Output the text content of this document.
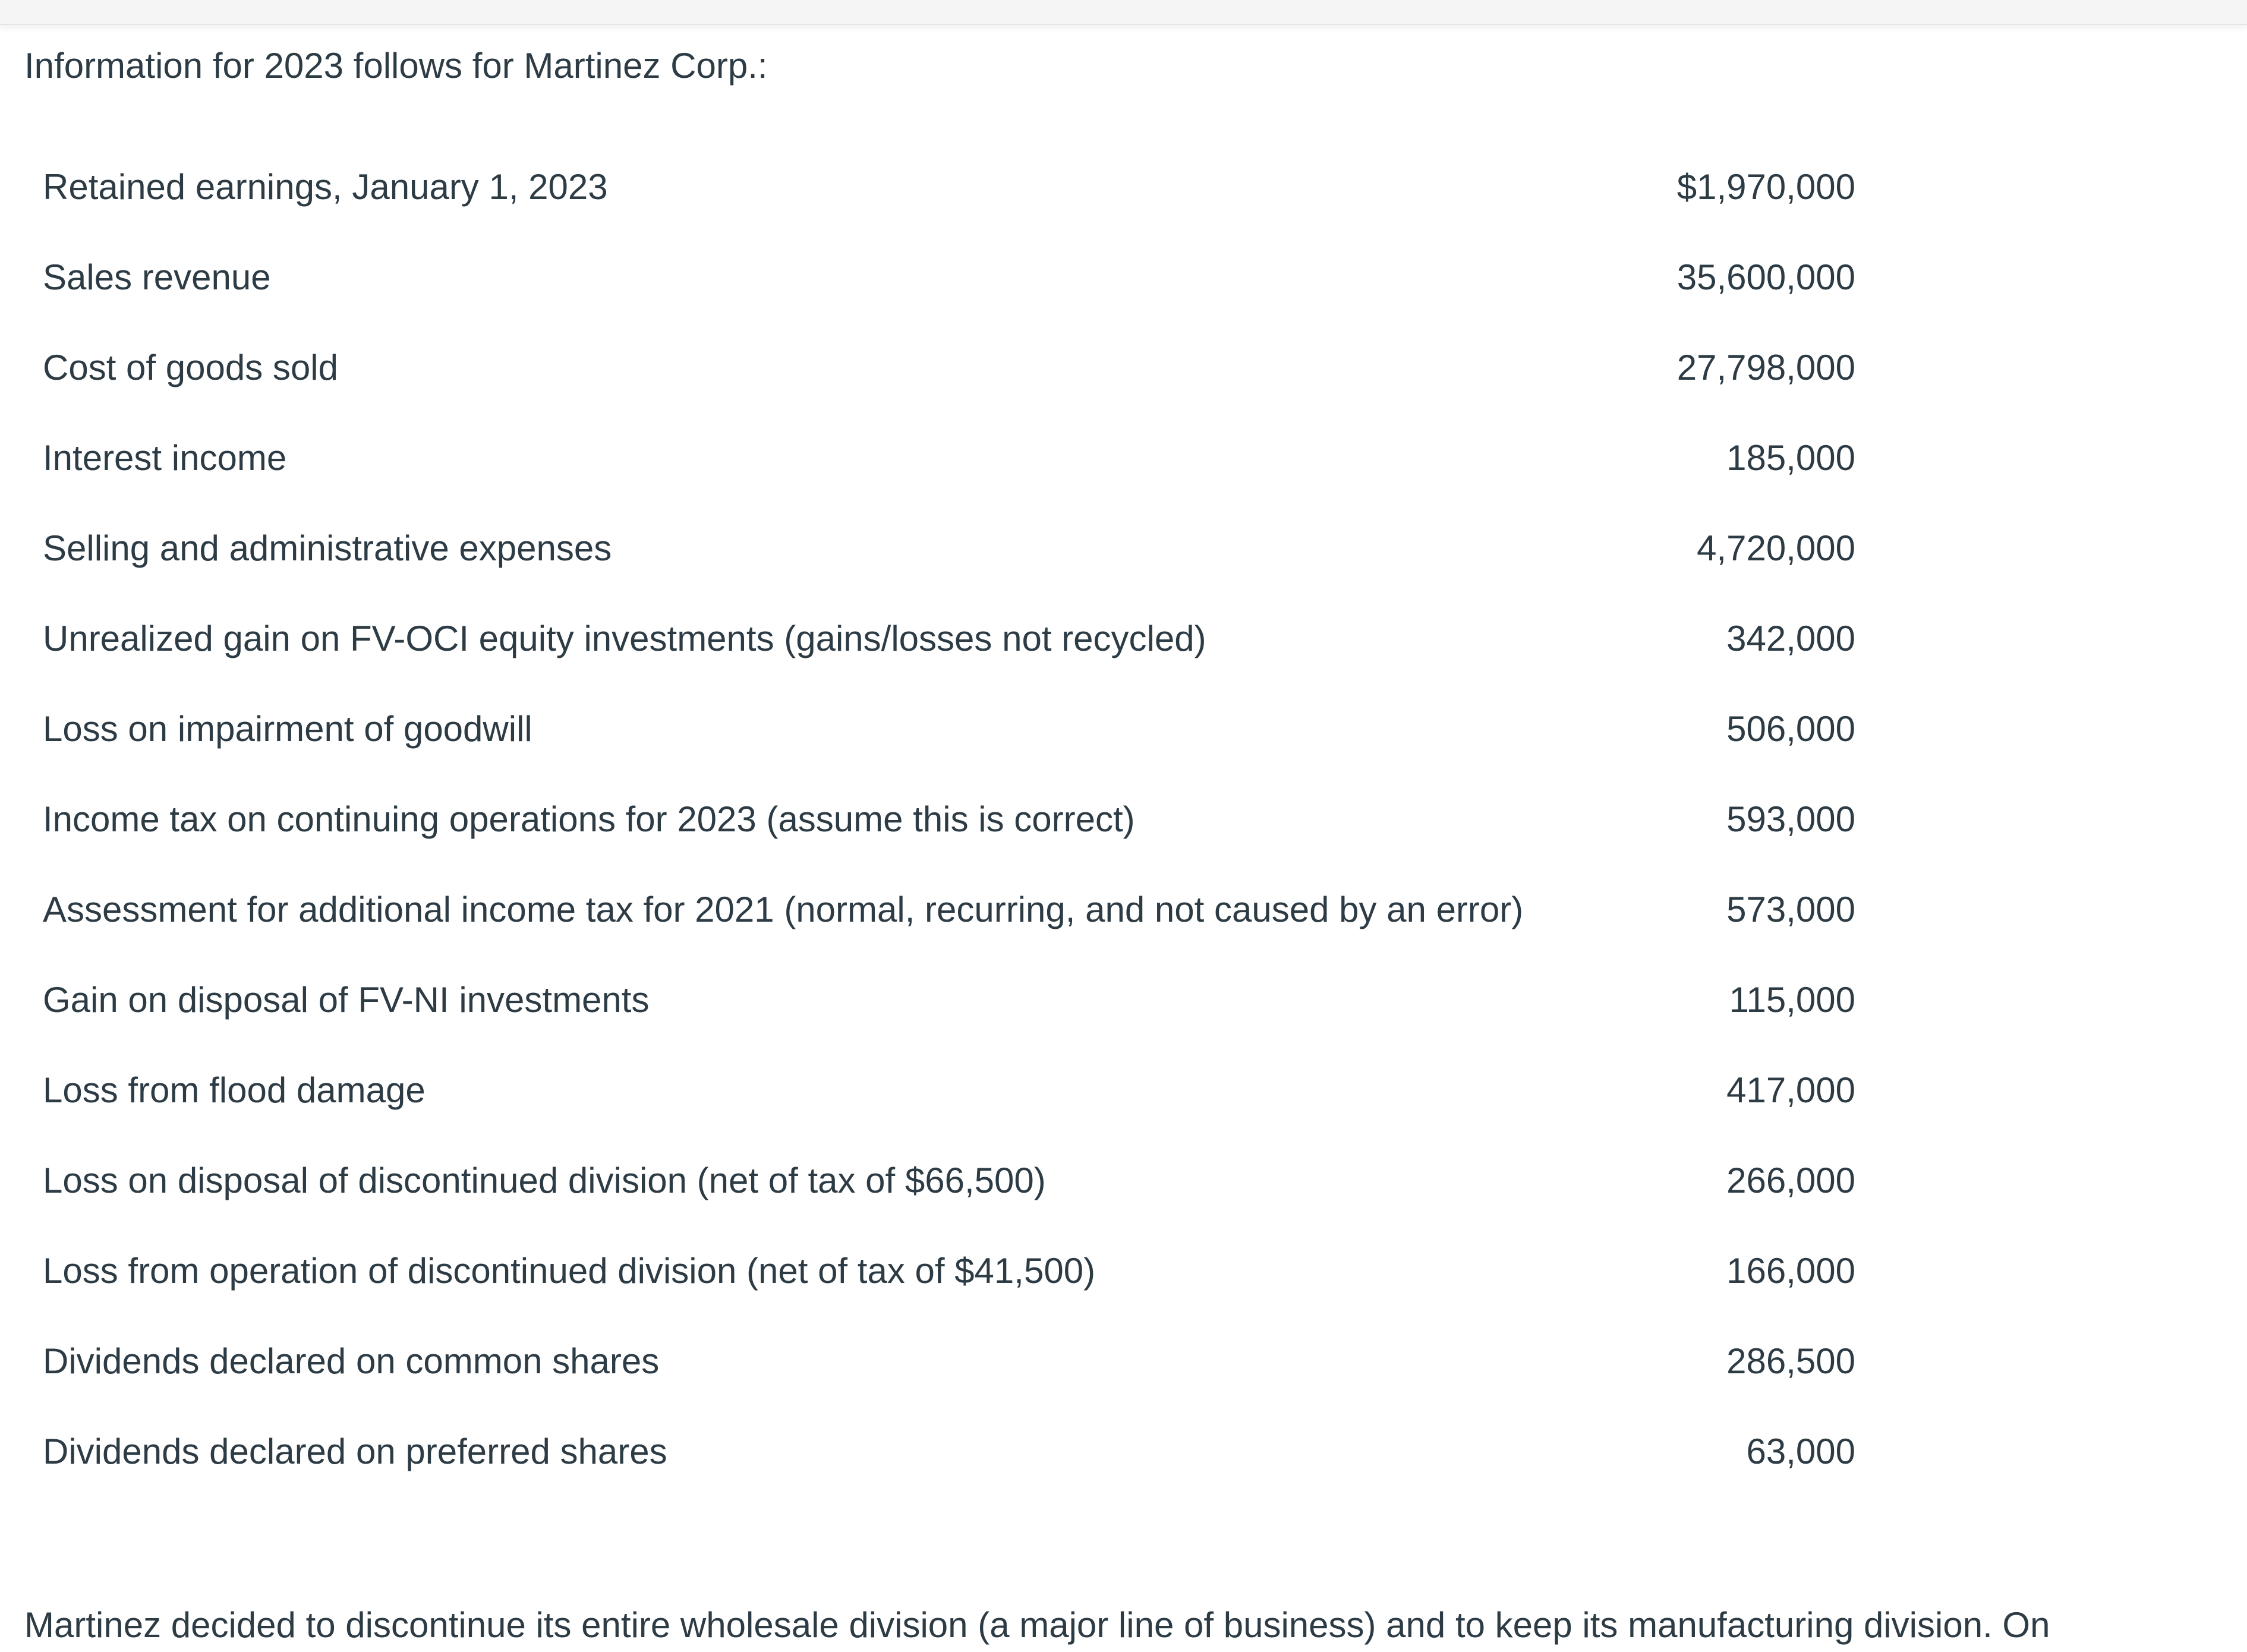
Information for 2023 follows for Martinez Corp.:
Retained earnings, January 1, 2023	$1,970,000
Sales revenue	35,600,000
Cost of goods sold	27,798,000
Interest income	185,000
Selling and administrative expenses	4,720,000
Unrealized gain on FV-OCI equity investments (gains/losses not recycled)	342,000
Loss on impairment of goodwill	506,000
Income tax on continuing operations for 2023 (assume this is correct)	593,000
Assessment for additional income tax for 2021 (normal, recurring, and not caused by an error)	573,000
Gain on disposal of FV-NI investments	115,000
Loss from flood damage	417,000
Loss on disposal of discontinued division (net of tax of $66,500)	266,000
Loss from operation of discontinued division (net of tax of $41,500)	166,000
Dividends declared on common shares	286,500
Dividends declared on preferred shares	63,000
Martinez decided to discontinue its entire wholesale division (a major line of business) and to keep its manufacturing division. On
